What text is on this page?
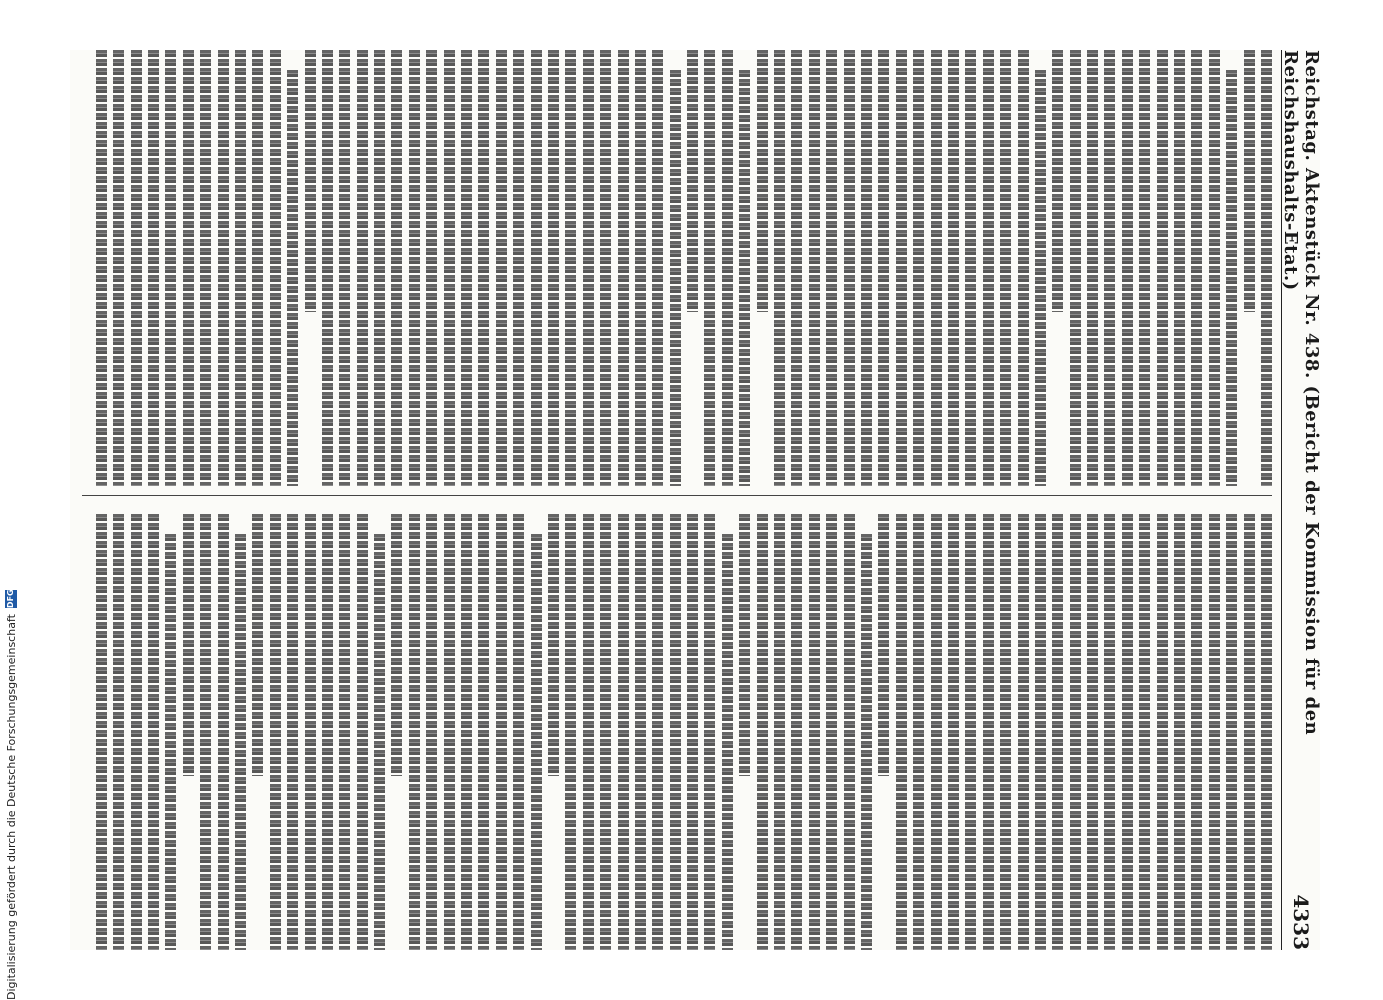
Reichstag. Aktenstück Nr. 438. (Bericht der Kommission für den Reichshaushalts-Etat.)
4333
Digitalisierung gefördert durch die Deutsche Forschungsgemeinschaft
DFG
